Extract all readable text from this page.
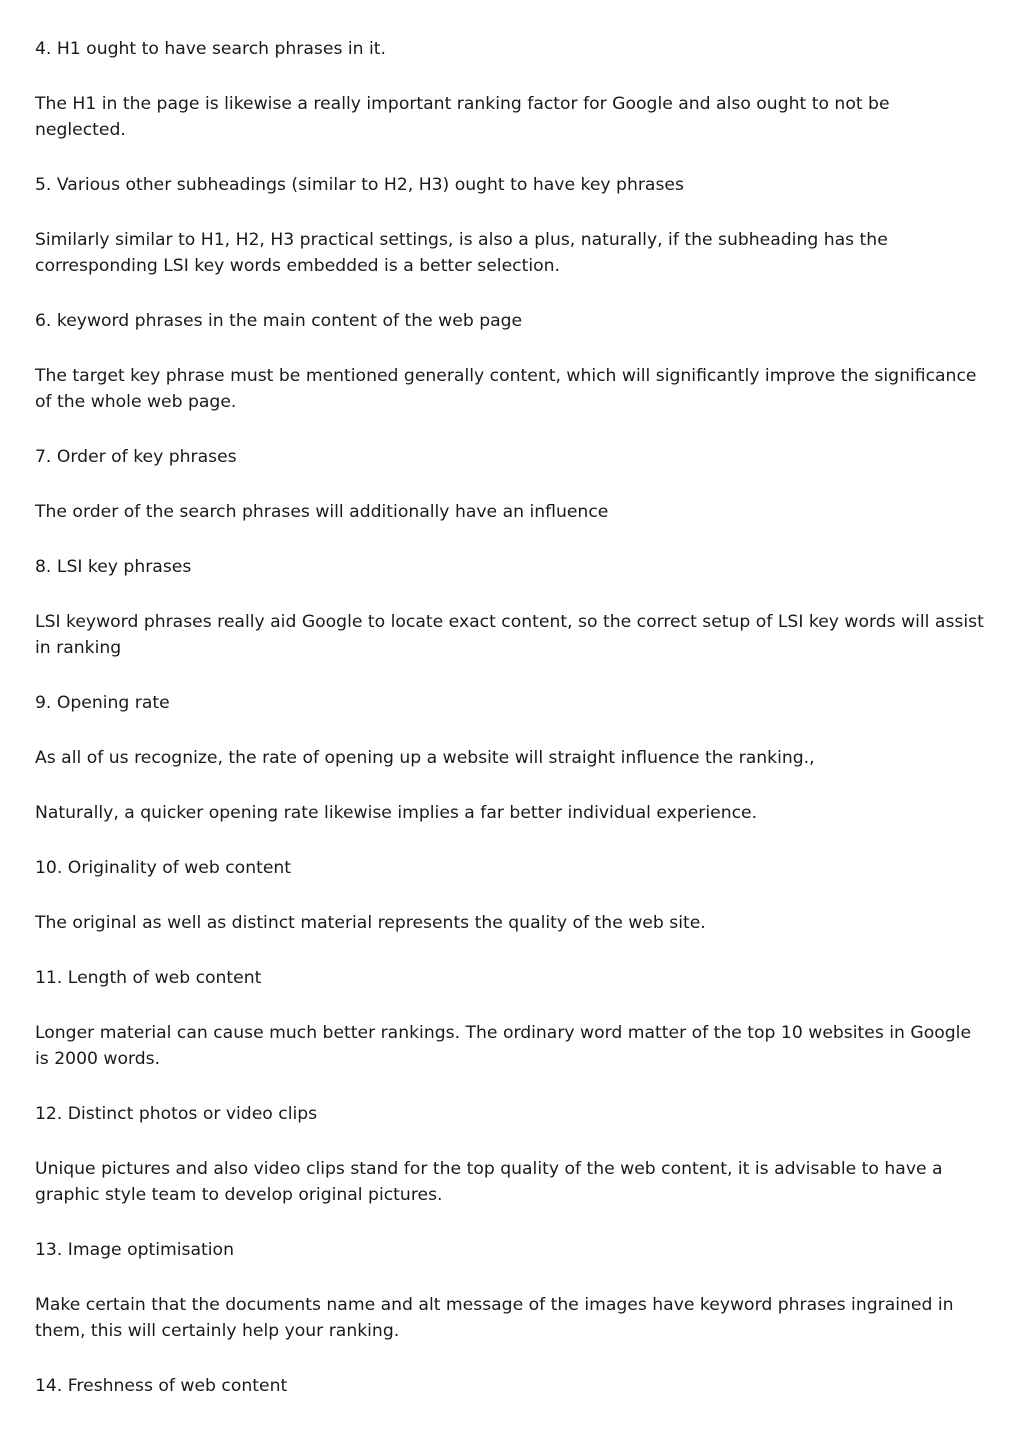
4. H1 ought to have search phrases in it.

The H1 in the page is likewise a really important ranking factor for Google and also ought to not be neglected.

5. Various other subheadings (similar to H2, H3) ought to have key phrases

Similarly similar to H1, H2, H3 practical settings, is also a plus, naturally, if the subheading has the corresponding LSI key words embedded is a better selection.

6. keyword phrases in the main content of the web page

The target key phrase must be mentioned generally content, which will significantly improve the significance of the whole web page.

7. Order of key phrases

The order of the search phrases will additionally have an influence

8. LSI key phrases

LSI keyword phrases really aid Google to locate exact content, so the correct setup of LSI key words will assist in ranking

9. Opening rate

As all of us recognize, the rate of opening up a website will straight influence the ranking.,

Naturally, a quicker opening rate likewise implies a far better individual experience.

10. Originality of web content

The original as well as distinct material represents the quality of the web site.

11. Length of web content

Longer material can cause much better rankings. The ordinary word matter of the top 10 websites in Google is 2000 words.

12. Distinct photos or video clips

Unique pictures and also video clips stand for the top quality of the web content, it is advisable to have a graphic style team to develop original pictures.

13. Image optimisation

Make certain that the documents name and alt message of the images have keyword phrases ingrained in them, this will certainly help your ranking.

14. Freshness of web content
